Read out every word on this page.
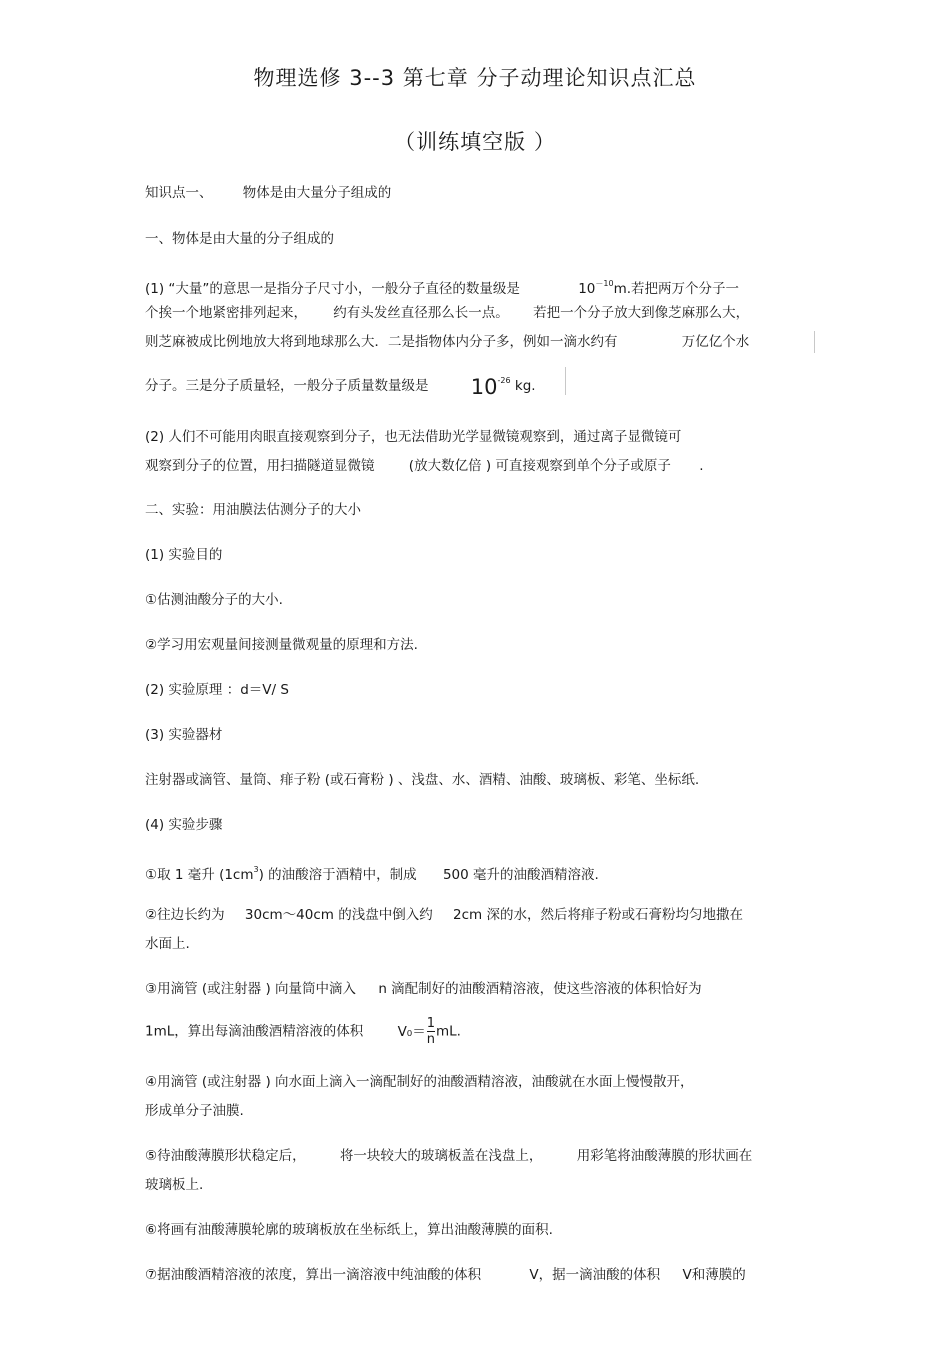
物理选修 3--3 第七章 分子动理论知识点汇总
（训练填空版 ）
知识点一、 物体是由大量分子组成的
一、物体是由大量的分子组成的
(1) “大量”的意思一是指分子尺寸小，一般分子直径的数量级是	$10^{-10}m$.若把两万个分子一
个挨一个地紧密排列起来， 约有头发丝直径那么长一点。 若把一个分子放大到像芝麻那么大，
则芝麻被成比例地放大将到地球那么大．二是指物体内分子多，例如一滴水约有	万亿亿个水
分子。三是分子质量轻，一般分子质量数量级是 $10^{-26}$ kg.
(2) 人们不可能用肉眼直接观察到分子，也无法借助光学显微镜观察到，通过离子显微镜可
观察到分子的位置，用扫描隧道显微镜	(放大数亿倍 ) 可直接观察到单个分子或原子 .
二、实验：用油膜法估测分子的大小
(1) 实验目的
①估测油酸分子的大小.
②学习用宏观量间接测量微观量的原理和方法.
(2) 实验原理 ：d＝V/ S
(3) 实验器材
注射器或滴管、量筒、痱子粉 (或石膏粉 ) 、浅盘、水、酒精、油酸、玻璃板、彩笔、坐标纸.
(4) 实验步骤
①取 1 毫升 $(1cm^3)$ 的油酸溶于酒精中，制成 500 毫升的油酸酒精溶液.
②往边长约为 30cm～40cm 的浅盘中倒入约 2cm 深的水，然后将痱子粉或石膏粉均匀地撒在
水面上.
③用滴管 (或注射器 ) 向量筒中滴入 n 滴配制好的油酸酒精溶液，使这些溶液的体积恰好为
1mL，算出每滴油酸酒精溶液的体积	$V_0= \frac{1}{n}$ mL.
④用滴管 (或注射器 ) 向水面上滴入一滴配制好的油酸酒精溶液，油酸就在水面上慢慢散开，
形成单分子油膜.
⑤待油酸薄膜形状稳定后，	将一块较大的玻璃板盖在浅盘上，	用彩笔将油酸薄膜的形状画在
玻璃板上.
⑥将画有油酸薄膜轮廓的玻璃板放在坐标纸上，算出油酸薄膜的面积.
⑦据油酸酒精溶液的浓度，算出一滴溶液中纯油酸的体积	V，据一滴油酸的体积 V和薄膜的
